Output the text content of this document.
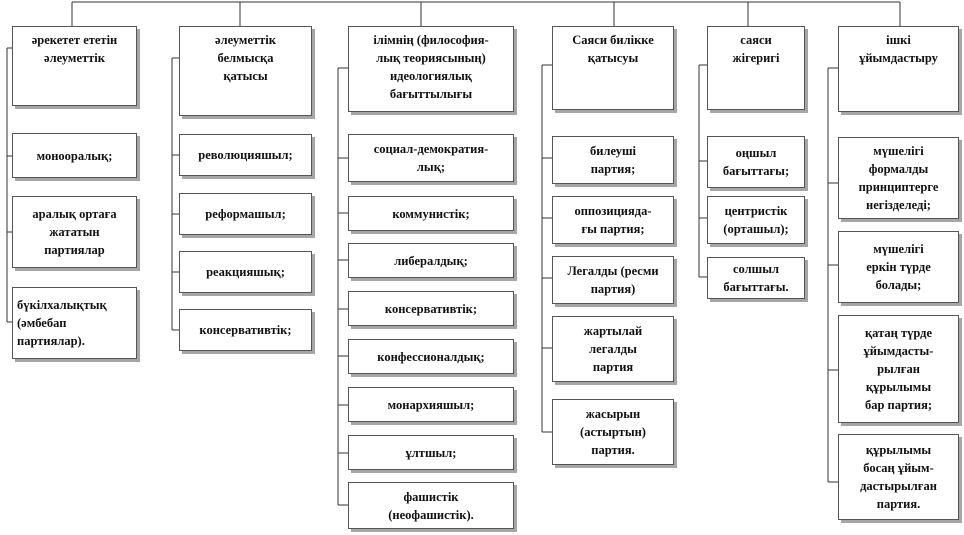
әрекетет ететін
әлеуметтік
монооралық;
аралық ортаға
жататын
партиялар
бүкілхалықтық
(әмбебап
партиялар).
әлеуметтік
белмысқа
қатысы
революцияшыл;
реформашыл;
реакцияшық;
консервативтік;
ілімнің (философия-
лық теориясының)
идеологиялық
бағыттылығы
социал-демократия-
лық;
коммунистік;
либералдық;
консервативтік;
конфессионалдық;
монархияшыл;
ұлтшыл;
фашистік
(неофашистік).
Саяси билікке
қатысуы
билеуші
партия;
оппозицияда-
ғы партия;
Легалды (ресми партия)
жартылай
легалды
партия
жасырын
(астыртын)
партия.
саяси
жігеригі
оңшыл
бағыттағы;
центристік
(орташыл);
солшыл
бағыттағы.
ішкі
ұйымдастыру
мүшелігі
формалды
принциптерге
негізделеді;
мүшелігі
еркін түрде
болады;
қатаң түрде
ұйымдасты-
рылған
құрылымы
бар партия;
құрылымы
босаң ұйым-
дастырылған
партия.
